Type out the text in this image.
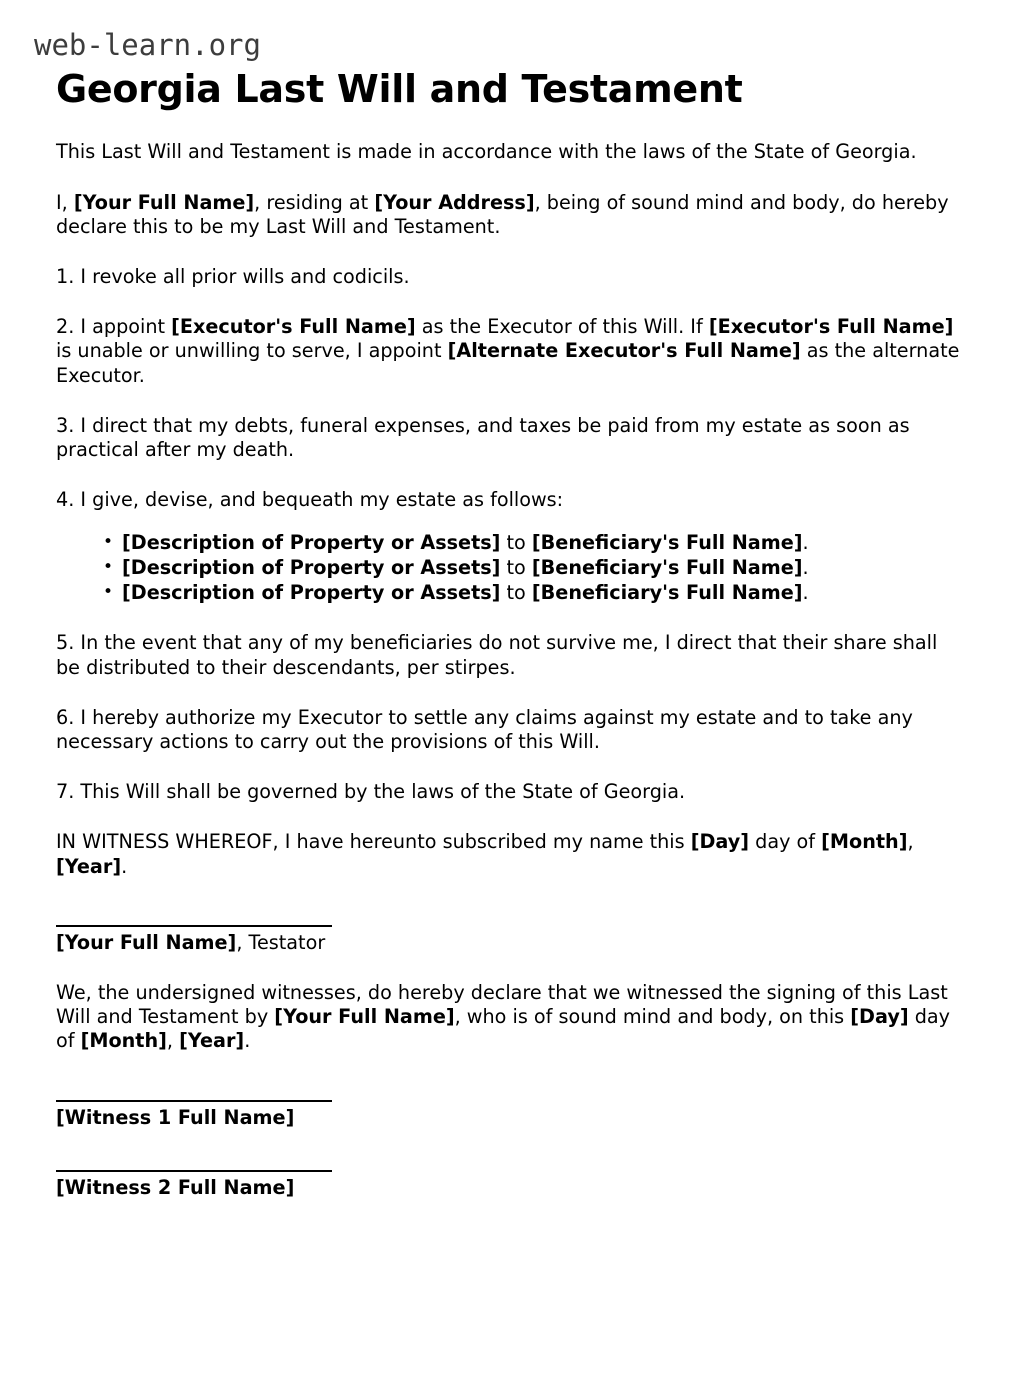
web-learn.org
Georgia Last Will and Testament

This Last Will and Testament is made in accordance with the laws of the State of Georgia.

I, [Your Full Name], residing at [Your Address], being of sound mind and body, do hereby declare this to be my Last Will and Testament.

1. I revoke all prior wills and codicils.

2. I appoint [Executor's Full Name] as the Executor of this Will. If [Executor's Full Name] is unable or unwilling to serve, I appoint [Alternate Executor's Full Name] as the alternate Executor.

3. I direct that my debts, funeral expenses, and taxes be paid from my estate as soon as practical after my death.

4. I give, devise, and bequeath my estate as follows:

• [Description of Property or Assets] to [Beneficiary's Full Name].
• [Description of Property or Assets] to [Beneficiary's Full Name].
• [Description of Property or Assets] to [Beneficiary's Full Name].

5. In the event that any of my beneficiaries do not survive me, I direct that their share shall be distributed to their descendants, per stirpes.

6. I hereby authorize my Executor to settle any claims against my estate and to take any necessary actions to carry out the provisions of this Will.

7. This Will shall be governed by the laws of the State of Georgia.

IN WITNESS WHEREOF, I have hereunto subscribed my name this [Day] day of [Month], [Year].

[Your Full Name], Testator

We, the undersigned witnesses, do hereby declare that we witnessed the signing of this Last Will and Testament by [Your Full Name], who is of sound mind and body, on this [Day] day of [Month], [Year].

[Witness 1 Full Name]

[Witness 2 Full Name]
